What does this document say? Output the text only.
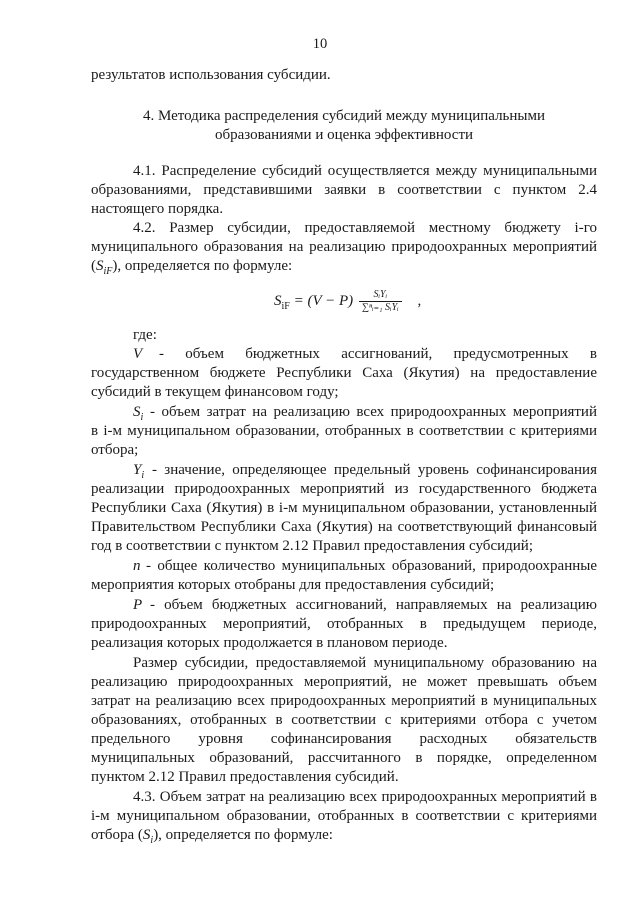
10
результатов использования субсидии.
4. Методика распределения субсидий между муниципальными
образованиями и оценка эффективности
4.1. Распределение субсидий осуществляется между муниципальными
образованиями, представившими заявки в соответствии с пунктом 2.4
настоящего порядка.
4.2. Размер субсидии, предоставляемой местному бюджету i-го
муниципального образования на реализацию природоохранных мероприятий
$(S_{iF})$, определяется по формуле:
$S_{iF} = (V - P) \frac{\text{SᵢYᵢ}}{\text{∑ⁿᵢ₌₁ SᵢYᵢ}}$ ,
где:
V - объем бюджетных ассигнований, предусмотренных в
государственном бюджете Республики Саха (Якутия) на предоставление
субсидий в текущем финансовом году;
$S_i$ - объем затрат на реализацию всех природоохранных мероприятий
в i-м муниципальном образовании, отобранных в соответствии с критериями
отбора;
$Y_i$ - значение, определяющее предельный уровень софинансирования
реализации природоохранных мероприятий из государственного бюджета
Республики Саха (Якутия) в i-м муниципальном образовании, установленный
Правительством Республики Саха (Якутия) на соответствующий финансовый
год в соответствии с пунктом 2.12 Правил предоставления субсидий;
n - общее количество муниципальных образований, природоохранные
мероприятия которых отобраны для предоставления субсидий;
P - объем бюджетных ассигнований, направляемых на реализацию
природоохранных мероприятий, отобранных в предыдущем периоде,
реализация которых продолжается в плановом периоде.
Размер субсидии, предоставляемой муниципальному образованию на
реализацию природоохранных мероприятий, не может превышать объем
затрат на реализацию всех природоохранных мероприятий в муниципальных
образованиях, отобранных в соответствии с критериями отбора с учетом
предельного уровня софинансирования расходных обязательств
муниципальных образований, рассчитанного в порядке, определенном
пунктом 2.12 Правил предоставления субсидий.
4.3. Объем затрат на реализацию всех природоохранных мероприятий в
i-м муниципальном образовании, отобранных в соответствии с критериями
отбора $(S_i)$, определяется по формуле:
